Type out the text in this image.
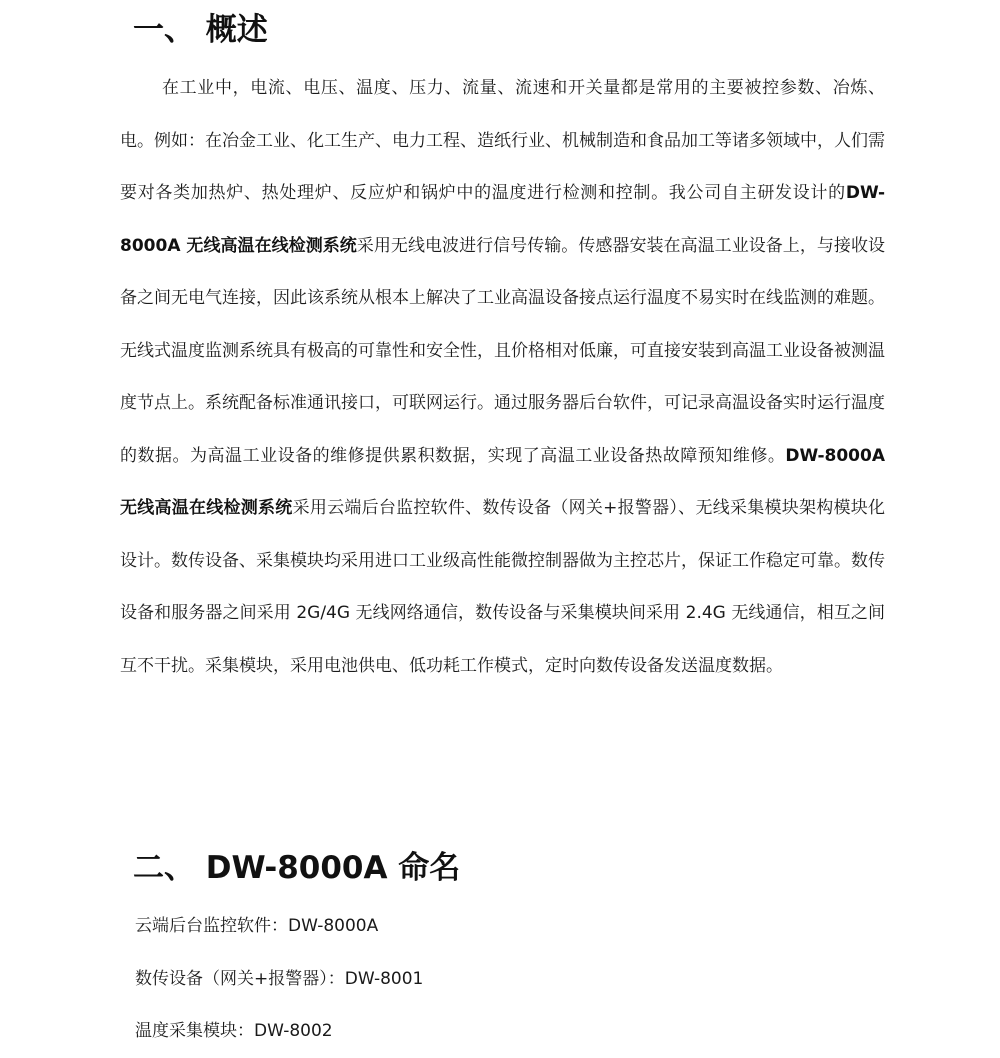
一、 概述

在工业中，电流、电压、温度、压力、流量、流速和开关量都是常用的主要被控参数、冶炼、电。例如：在冶金工业、化工生产、电力工程、造纸行业、机械制造和食品加工等诸多领域中，人们需要对各类加热炉、热处理炉、反应炉和锅炉中的温度进行检测和控制。我公司自主研发设计的DW-8000A 无线高温在线检测系统采用无线电波进行信号传输。传感器安装在高温工业设备上，与接收设备之间无电气连接，因此该系统从根本上解决了工业高温设备接点运行温度不易实时在线监测的难题。无线式温度监测系统具有极高的可靠性和安全性，且价格相对低廉，可直接安装到高温工业设备被测温度节点上。系统配备标准通讯接口，可联网运行。通过服务器后台软件，可记录高温设备实时运行温度的数据。为高温工业设备的维修提供累积数据，实现了高温工业设备热故障预知维修。DW-8000A 无线高温在线检测系统采用云端后台监控软件、数传设备（网关+报警器）、无线采集模块架构模块化设计。数传设备、采集模块均采用进口工业级高性能微控制器做为主控芯片，保证工作稳定可靠。数传设备和服务器之间采用 2G/4G 无线网络通信，数传设备与采集模块间采用 2.4G 无线通信，相互之间互不干扰。采集模块，采用电池供电、低功耗工作模式，定时向数传设备发送温度数据。

二、 DW-8000A 命名
云端后台监控软件：DW-8000A
数传设备（网关+报警器）：DW-8001
温度采集模块：DW-8002
